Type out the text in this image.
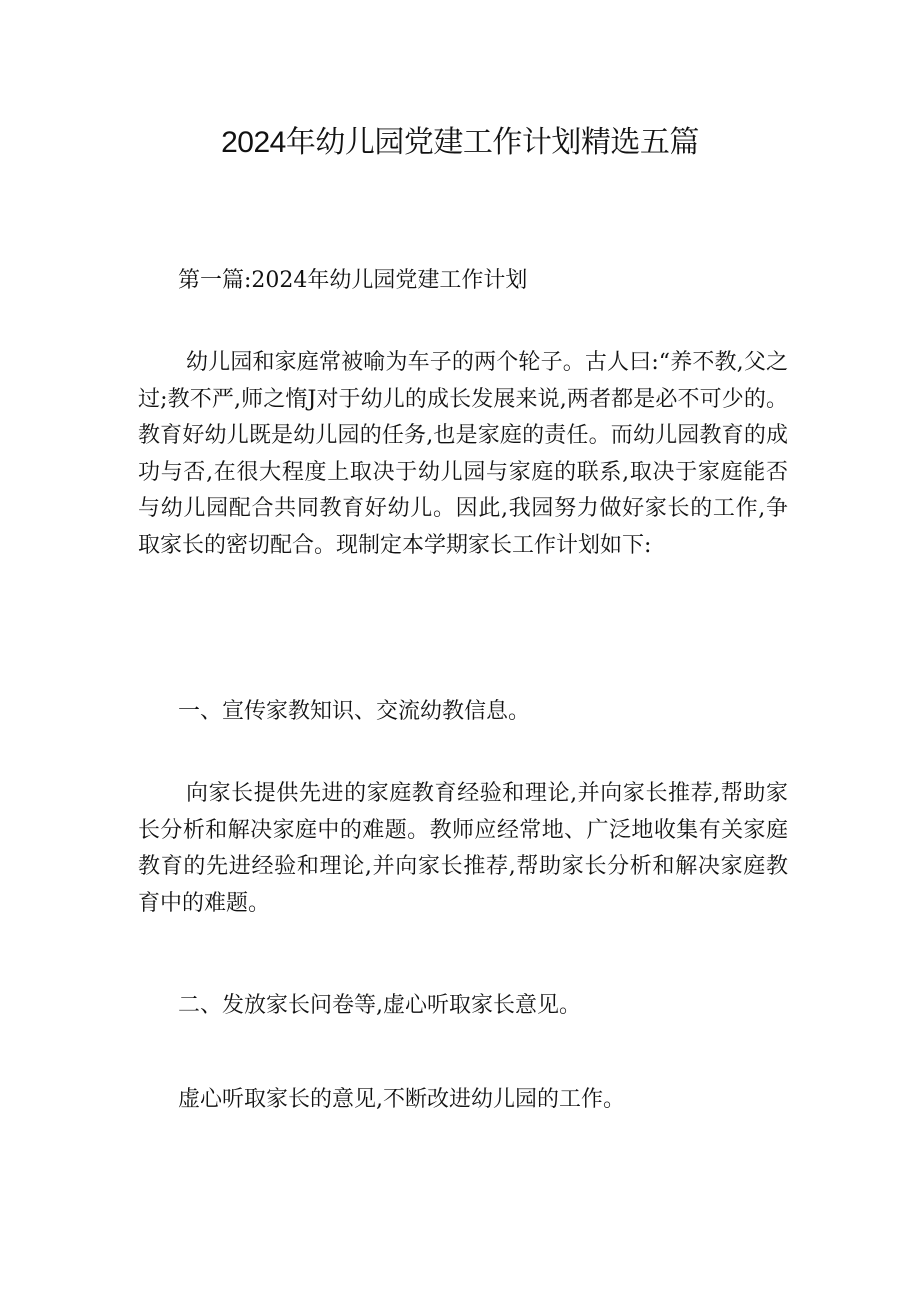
2024年幼儿园党建工作计划精选五篇

第一篇:2024年幼儿园党建工作计划

幼儿园和家庭常被喻为车子的两个轮子。古人曰:“养不教,父之过;教不严,师之惰J对于幼儿的成长发展来说,两者都是必不可少的。教育好幼儿既是幼儿园的任务,也是家庭的责任。而幼儿园教育的成功与否,在很大程度上取决于幼儿园与家庭的联系,取决于家庭能否与幼儿园配合共同教育好幼儿。因此,我园努力做好家长的工作,争取家长的密切配合。现制定本学期家长工作计划如下:

一、宣传家教知识、交流幼教信息。

向家长提供先进的家庭教育经验和理论,并向家长推荐,帮助家长分析和解决家庭中的难题。教师应经常地、广泛地收集有关家庭教育的先进经验和理论,并向家长推荐,帮助家长分析和解决家庭教育中的难题。

二、发放家长问卷等,虚心听取家长意见。

虚心听取家长的意见,不断改进幼儿园的工作。
